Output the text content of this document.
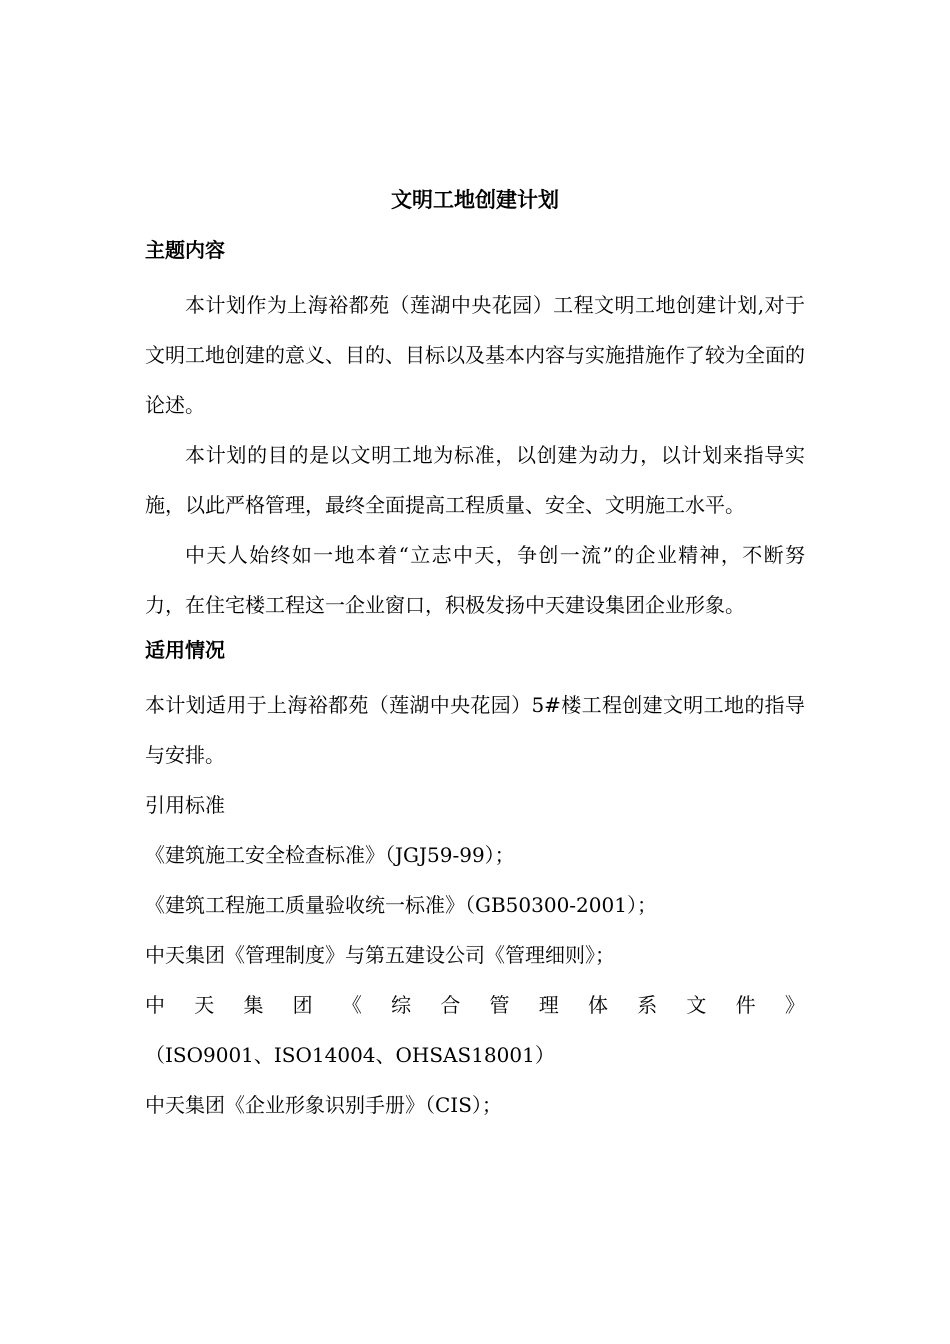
文明工地创建计划
主题内容

本计划作为上海裕都苑（莲湖中央花园）工程文明工地创建计划,对于文明工地创建的意义、目的、目标以及基本内容与实施措施作了较为全面的论述。

本计划的目的是以文明工地为标准，以创建为动力，以计划来指导实施，以此严格管理，最终全面提高工程质量、安全、文明施工水平。

中天人始终如一地本着“立志中天，争创一流”的企业精神，不断努力，在住宅楼工程这一企业窗口，积极发扬中天建设集团企业形象。

适用情况

本计划适用于上海裕都苑（莲湖中央花园）5#楼工程创建文明工地的指导与安排。

引用标准

《建筑施工安全检查标准》（JGJ59-99）；

《建筑工程施工质量验收统一标准》（GB50300-2001）；

中天集团《管理制度》与第五建设公司《管理细则》；

中 天 集 团 《 综 合 管 理 体 系 文 件 》

（ISO9001、ISO14004、OHSAS18001）

中天集团《企业形象识别手册》（CIS）；
